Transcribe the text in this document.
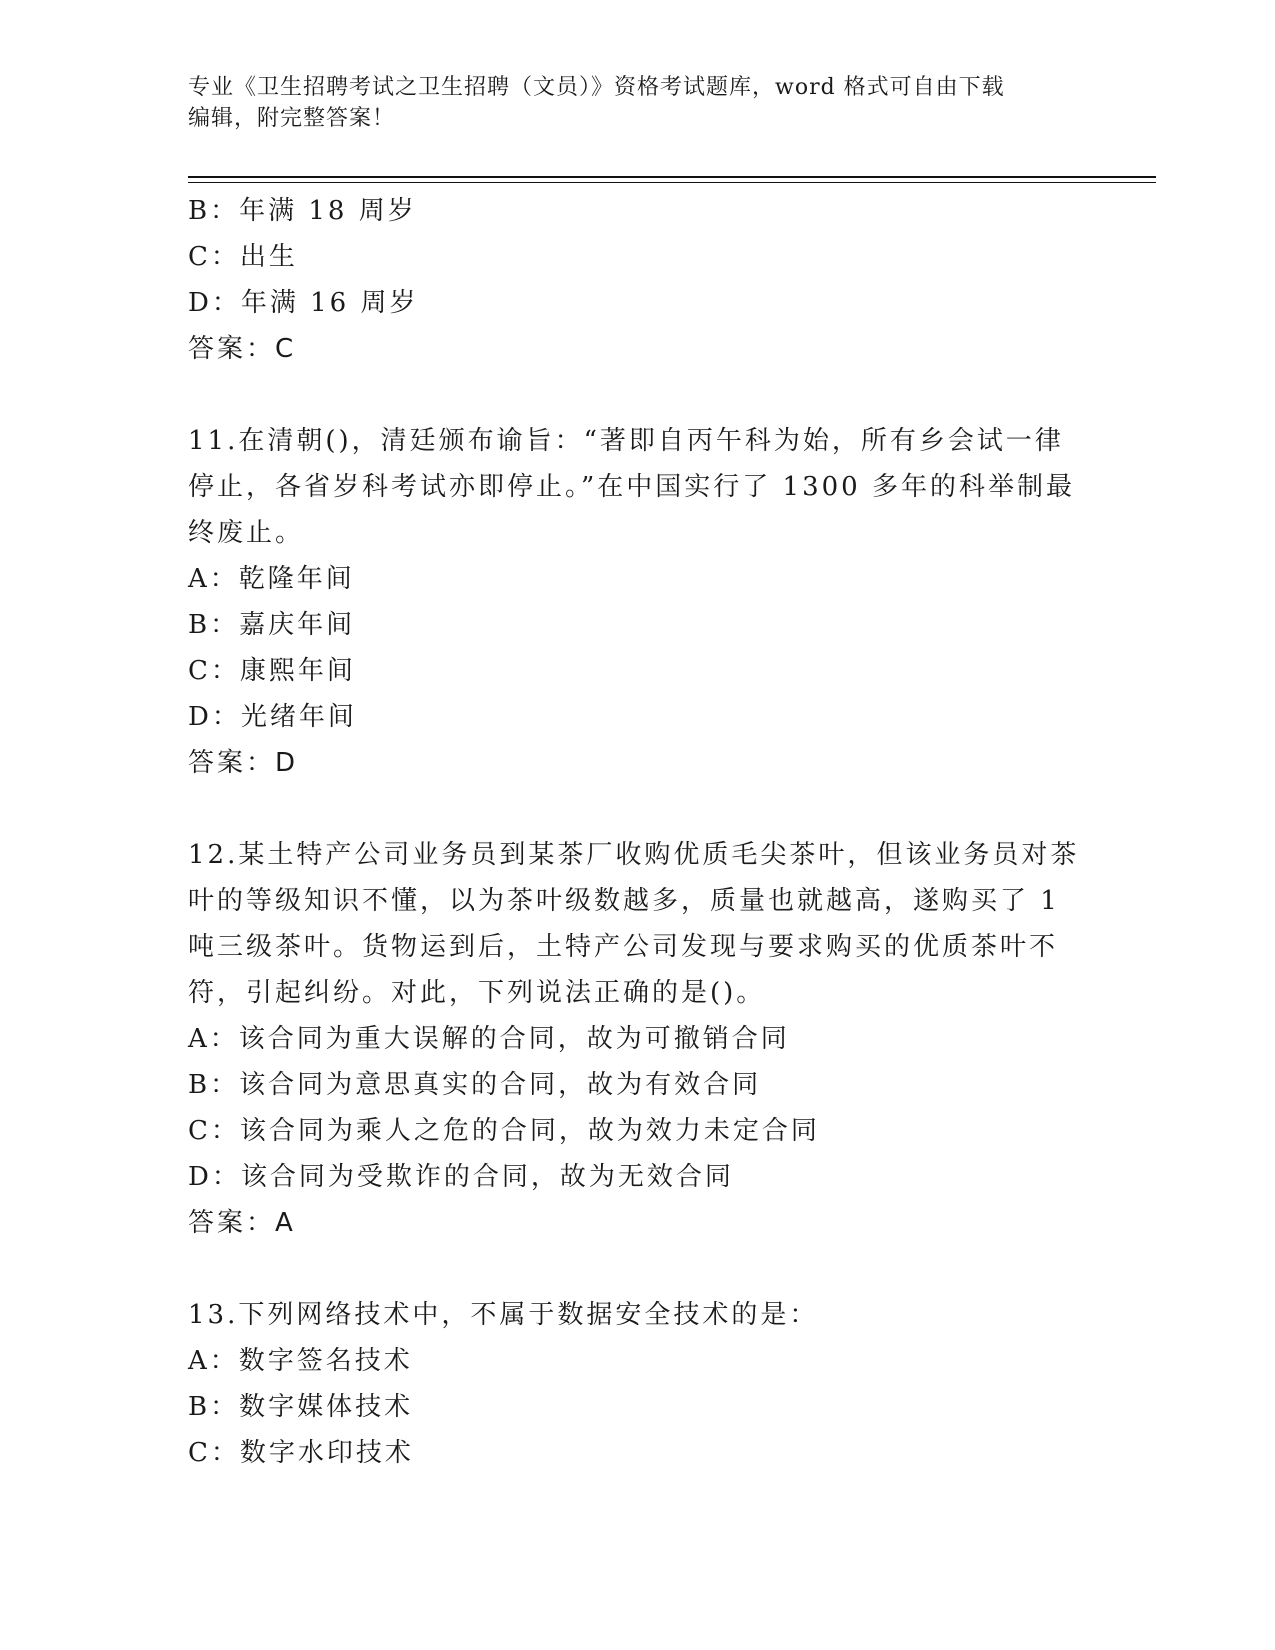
专业《卫生招聘考试之卫生招聘（文员）》资格考试题库，word 格式可自由下载
编辑，附完整答案！

B：年满 18 周岁

C：出生

D：年满 16 周岁

答案：C

11.在清朝()，清廷颁布谕旨：“著即自丙午科为始，所有乡会试一律

停止，各省岁科考试亦即停止。”在中国实行了 1300 多年的科举制最

终废止。

A：乾隆年间

B：嘉庆年间

C：康熙年间

D：光绪年间

答案：D

12.某土特产公司业务员到某茶厂收购优质毛尖茶叶，但该业务员对茶

叶的等级知识不懂，以为茶叶级数越多，质量也就越高，遂购买了 1

吨三级茶叶。货物运到后，土特产公司发现与要求购买的优质茶叶不

符，引起纠纷。对此，下列说法正确的是()。

A：该合同为重大误解的合同，故为可撤销合同

B：该合同为意思真实的合同，故为有效合同

C：该合同为乘人之危的合同，故为效力未定合同

D：该合同为受欺诈的合同，故为无效合同

答案：A

13.下列网络技术中，不属于数据安全技术的是：

A：数字签名技术

B：数字媒体技术

C：数字水印技术
